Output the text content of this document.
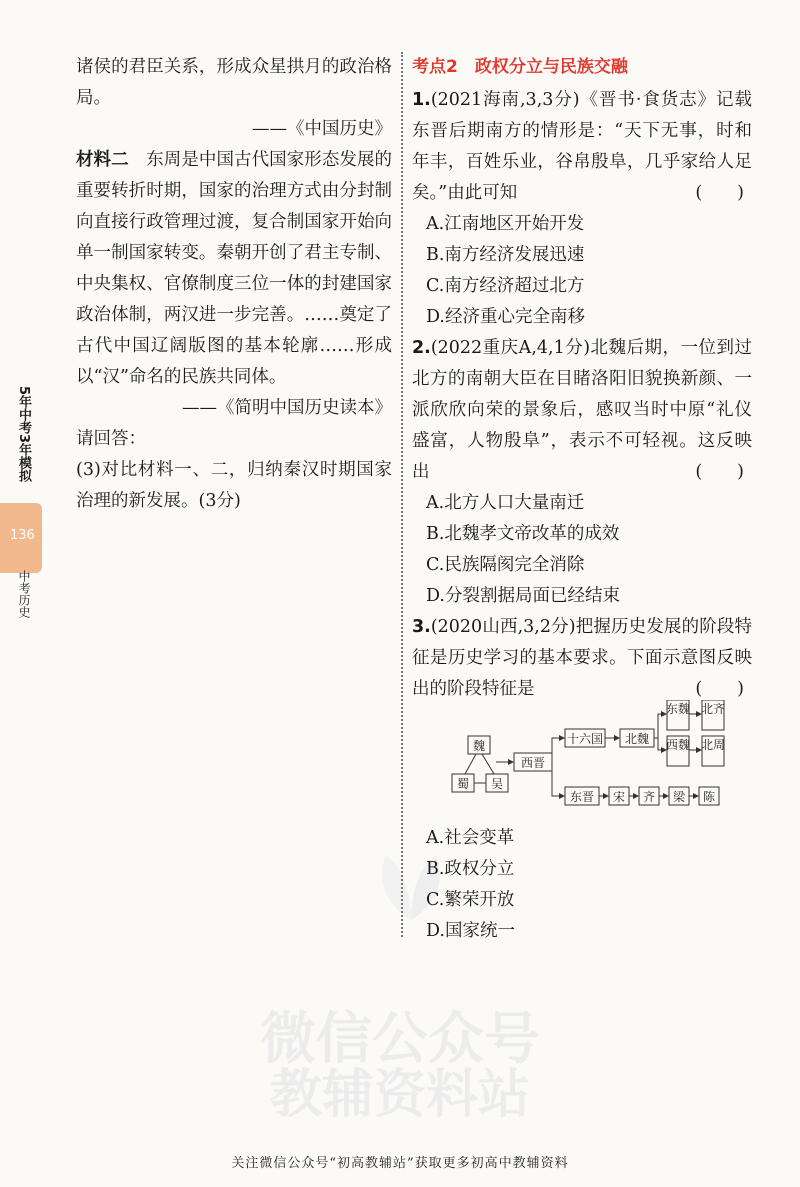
微信公众号
教辅资料站
5年中考3年模拟
136
中考历史

诸侯的君臣关系，形成众星拱月的政治格局。

——《中国历史》

材料二　 东周是中国古代国家形态发展的重要转折时期，国家的治理方式由分封制向直接行政管理过渡，复合制国家开始向单一制国家转变。秦朝开创了君主专制、中央集权、官僚制度三位一体的封建国家政治体制，两汉进一步完善。……奠定了古代中国辽阔版图的基本轮廓……形成以“汉”命名的民族共同体。

——《简明中国历史读本》

请回答：

(3)对比材料一、二，归纳秦汉时期国家治理的新发展。(3分)

考点2　政权分立与民族交融

1.(2021海南,3,3分)《晋书·食货志》记载东晋后期南方的情形是：“天下无事，时和年丰，百姓乐业，谷帛殷阜，几乎家给人足矣。”由此可知	(　　)

A.江南地区开始开发

B.南方经济发展迅速

C.南方经济超过北方

D.经济重心完全南移

2.(2022重庆A,4,1分)北魏后期，一位到过北方的南朝大臣在目睹洛阳旧貌换新颜、一派欣欣向荣的景象后，感叹当时中原“礼仪盛富，人物殷阜”，表示不可轻视。这反映出	(　　)

A.北方人口大量南迁

B.北魏孝文帝改革的成效

C.民族隔阂完全消除

D.分裂割据局面已经结束

3.(2020山西,3,2分)把握历史发展的阶段特征是历史学习的基本要求。下面示意图反映出的阶段特征是	(　　)

A.社会变革

B.政权分立

C.繁荣开放

D.国家统一

魏
蜀 吴
西晋
十六国 北魏
东魏
西魏
北齐
北周
东晋 宋 齐 梁 陈
关注微信公众号“初高教辅站”获取更多初高中教辅资料
